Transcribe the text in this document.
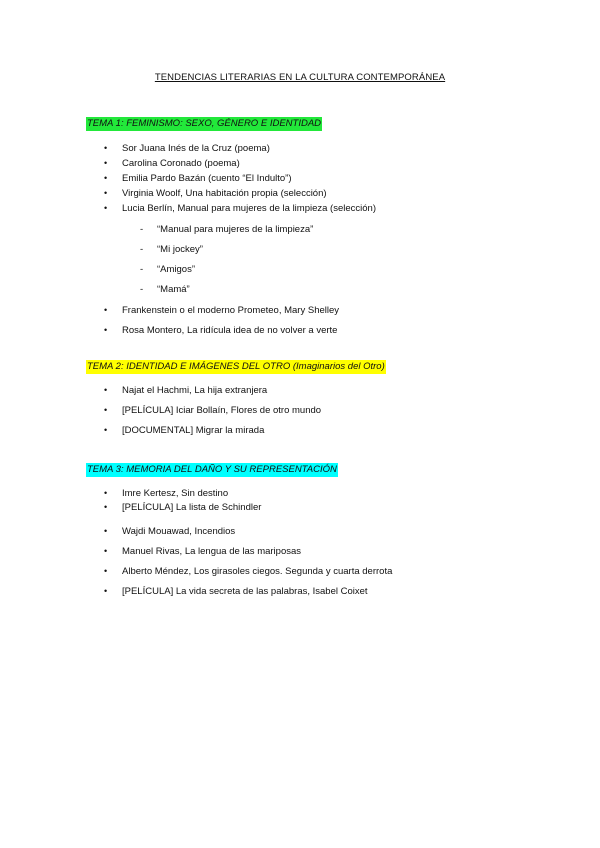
TENDENCIAS LITERARIAS EN LA CULTURA CONTEMPORÁNEA
TEMA 1: FEMINISMO: SEXO, GÉNERO E IDENTIDAD
• Sor Juana Inés de la Cruz (poema)
• Carolina Coronado (poema)
• Emilia Pardo Bazán (cuento “El Indulto”)
• Virginia Woolf, Una habitación propia (selección)
• Lucia Berlín, Manual para mujeres de la limpieza (selección)
- “Manual para mujeres de la limpieza”
- “Mi jockey”
- “Amigos”
- “Mamá”
• Frankenstein o el moderno Prometeo, Mary Shelley
• Rosa Montero, La ridícula idea de no volver a verte
TEMA 2: IDENTIDAD E IMÁGENES DEL OTRO (Imaginarios del Otro)
• Najat el Hachmi, La hija extranjera
• [PELÍCULA] Iciar Bollaín, Flores de otro mundo
• [DOCUMENTAL] Migrar la mirada
TEMA 3: MEMORIA DEL DAÑO Y SU REPRESENTACIÓN
• Imre Kertesz, Sin destino
• [PELÍCULA] La lista de Schindler
• Wajdi Mouawad, Incendios
• Manuel Rivas, La lengua de las mariposas
• Alberto Méndez, Los girasoles ciegos. Segunda y cuarta derrota
• [PELÍCULA] La vida secreta de las palabras, Isabel Coixet
